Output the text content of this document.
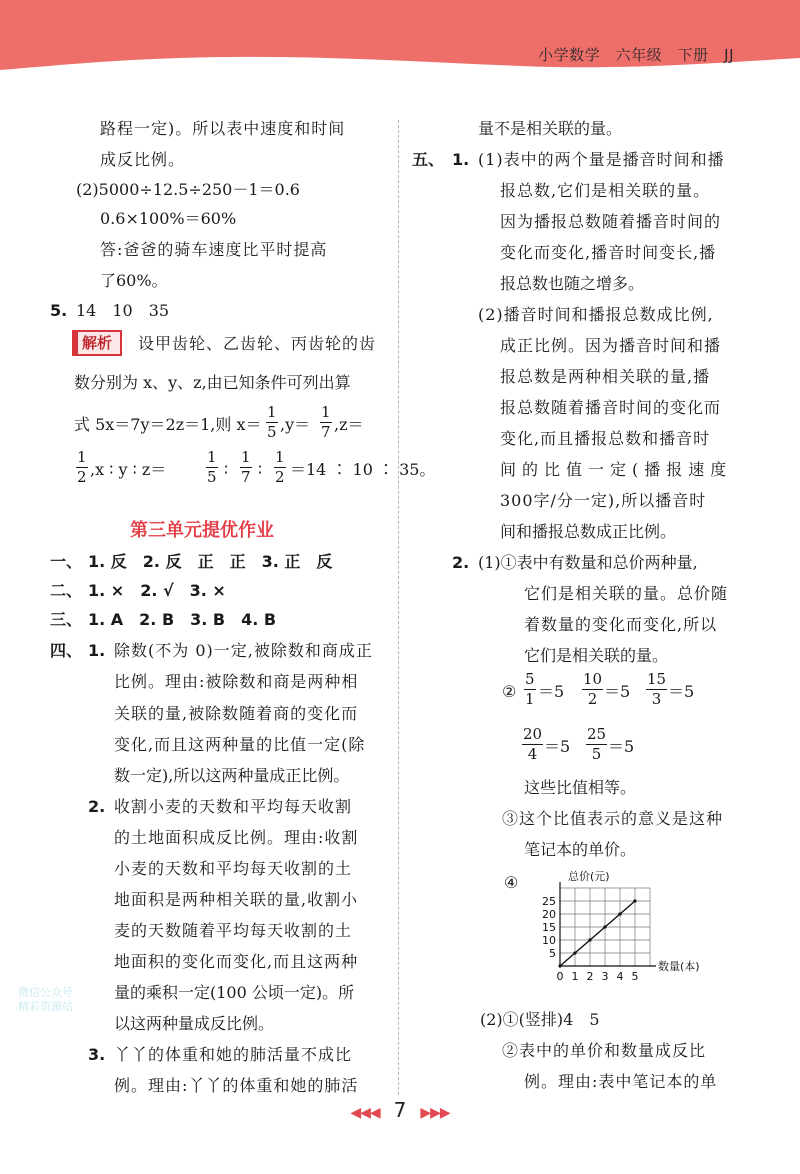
小学数学　六年级　下册　JJ
路程一定)。所以表中速度和时间
成反比例。
(2)5000÷12.5÷250－1＝0.6
0.6×100%＝60%
答:爸爸的骑车速度比平时提高
了60%。
5. 14　10　35
解析	设甲齿轮、乙齿轮、丙齿轮的齿
数分别为 x、y、z,由已知条件可列出算
式 5x＝7y＝2z＝1,则 $x= \frac{1}{5} ,y= \frac{1}{7} ,z=$
$\frac{1}{2} ,x$ ∶ y ∶ z＝	$\frac{1}{5}$ ∶ $\frac{1}{7}$ ∶ $\frac{1}{2} =14$ ∶ 10 ∶ 35。
第三单元提优作业
一、 1. 反　2. 反　正　正　3. 正　反
二、 1. ×　2. √　3. ×
三、 1. A　2. B　3. B　4. B
四、 1. 除数(不为 0)一定,被除数和商成正
比例。理由:被除数和商是两种相
关联的量,被除数随着商的变化而
变化,而且这两种量的比值一定(除
数一定),所以这两种量成正比例。
2. 收割小麦的天数和平均每天收割
的土地面积成反比例。理由:收割
小麦的天数和平均每天收割的土
地面积是两种相关联的量,收割小
麦的天数随着平均每天收割的土
地面积的变化而变化,而且这两种
量的乘积一定(100 公顷一定)。所
以这两种量成反比例。
3. 丫丫的体重和她的肺活量不成比
例。理由:丫丫的体重和她的肺活
微信公众号
精彩资源站
量不是相关联的量。
五、 1. (1)表中的两个量是播音时间和播
报总数,它们是相关联的量。
因为播报总数随着播音时间的
变化而变化,播音时间变长,播
报总数也随之增多。
(2)播音时间和播报总数成比例,
成正比例。因为播音时间和播
报总数是两种相关联的量,播
报总数随着播音时间的变化而
变化,而且播报总数和播音时
间的比值一定(播报速度
300字/分一定),所以播音时
间和播报总数成正比例。
2. (1)①表中有数量和总价两种量,
它们是相关联的量。总价随
着数量的变化而变化,所以
它们是相关联的量。
② $\frac{5}{1} =5 \frac{10}{2} =5 \frac{15}{3} =5$
$\frac{20}{4} =5 \frac{25}{5} =5$
这些比值相等。
③这个比值表示的意义是这种
笔记本的单价。
④
0 1 2 3 4 5
5
10
15
20
25
总价(元)
数量(本)
(2)①(竖排)4　5
②表中的单价和数量成反比
例。理由:表中笔记本的单
◀◀◀ 7 ▶▶▶
